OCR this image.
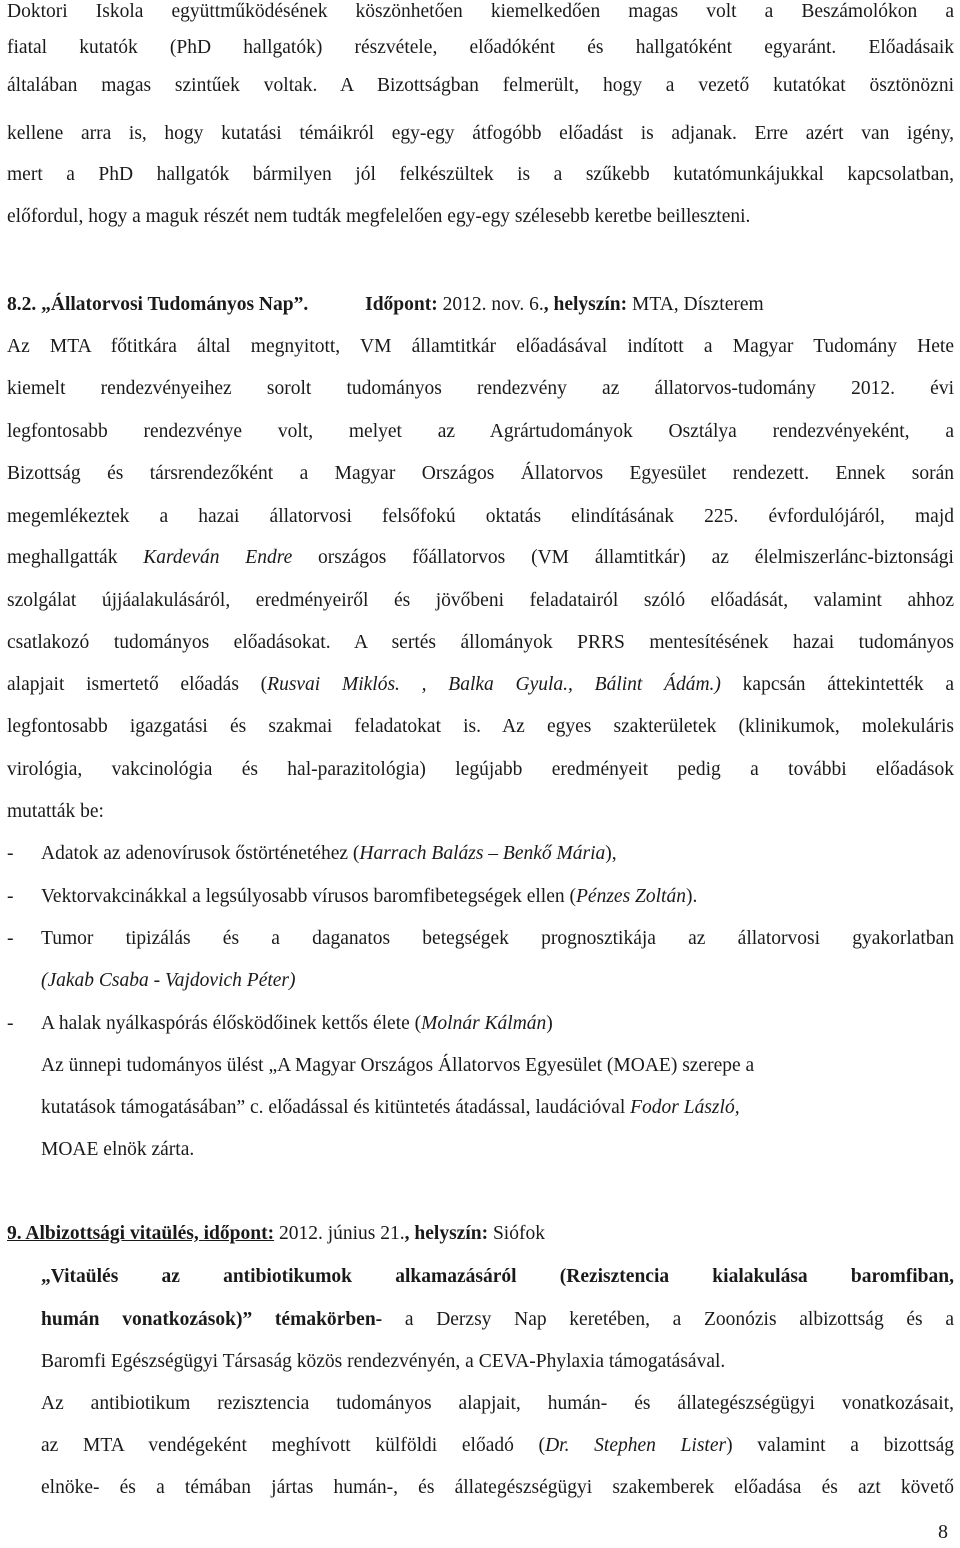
Doktori Iskola együttműködésének köszönhetően kiemelkedően magas volt a Beszámolókon a
fiatal kutatók (PhD hallgatók) részvétele, előadóként és hallgatóként egyaránt. Előadásaik
általában magas szintűek voltak. A Bizottságban felmerült, hogy a vezető kutatókat ösztönözni
kellene arra is, hogy kutatási témáikról egy-egy átfogóbb előadást is adjanak. Erre azért van igény,
mert a PhD hallgatók bármilyen jól felkészültek is a szűkebb kutatómunkájukkal kapcsolatban,
előfordul, hogy a maguk részét nem tudták megfelelően egy-egy szélesebb keretbe beilleszteni.
8.2. „Állatorvosi Tudományos Nap”.	Időpont: 2012. nov. 6., helyszín: MTA, Díszterem
Az MTA főtitkára által megnyitott, VM államtitkár előadásával indított a Magyar Tudomány Hete
kiemelt rendezvényeihez sorolt tudományos rendezvény az állatorvos-tudomány 2012. évi
legfontosabb rendezvénye volt, melyet az Agrártudományok Osztálya rendezvényeként, a
Bizottság és társrendezőként a Magyar Országos Állatorvos Egyesület rendezett. Ennek során
megemlékeztek a hazai állatorvosi felsőfokú oktatás elindításának 225. évfordulójáról, majd
meghallgatták Kardeván Endre országos főállatorvos (VM államtitkár) az élelmiszerlánc-biztonsági
szolgálat újjáalakulásáról, eredményeiről és jövőbeni feladatairól szóló előadását, valamint ahhoz
csatlakozó tudományos előadásokat. A sertés állományok PRRS mentesítésének hazai tudományos
alapjait ismertető előadás (Rusvai Miklós. , Balka Gyula., Bálint Ádám.) kapcsán áttekintették a
legfontosabb igazgatási és szakmai feladatokat is. Az egyes szakterületek (klinikumok, molekuláris
virológia, vakcinológia és hal-parazitológia) legújabb eredményeit pedig a további előadások
mutatták be:
- Adatok az adenovírusok őstörténetéhez (Harrach Balázs – Benkő Mária),
- Vektorvakcinákkal a legsúlyosabb vírusos baromfibetegségek ellen (Pénzes Zoltán).
- Tumor tipizálás és a daganatos betegségek prognosztikája az állatorvosi gyakorlatban
(Jakab Csaba - Vajdovich Péter)
- A halak nyálkaspórás élősködőinek kettős élete (Molnár Kálmán)
Az ünnepi tudományos ülést „A Magyar Országos Állatorvos Egyesület (MOAE) szerepe a
kutatások támogatásában” c. előadással és kitüntetés átadással, laudációval Fodor László,
MOAE elnök zárta.
9. Albizottsági vitaülés, időpont: 2012. június 21., helyszín: Siófok
„Vitaülés az antibiotikumok alkamazásáról (Rezisztencia kialakulása baromfiban,
humán vonatkozások)” témakörben- a Derzsy Nap keretében, a Zoonózis albizottság és a
Baromfi Egészségügyi Társaság közös rendezvényén, a CEVA-Phylaxia támogatásával.
Az antibiotikum rezisztencia tudományos alapjait, humán- és állategészségügyi vonatkozásait,
az MTA vendégeként meghívott külföldi előadó (Dr. Stephen Lister) valamint a bizottság
elnöke- és a témában jártas humán-, és állategészségügyi szakemberek előadása és azt követő
8
